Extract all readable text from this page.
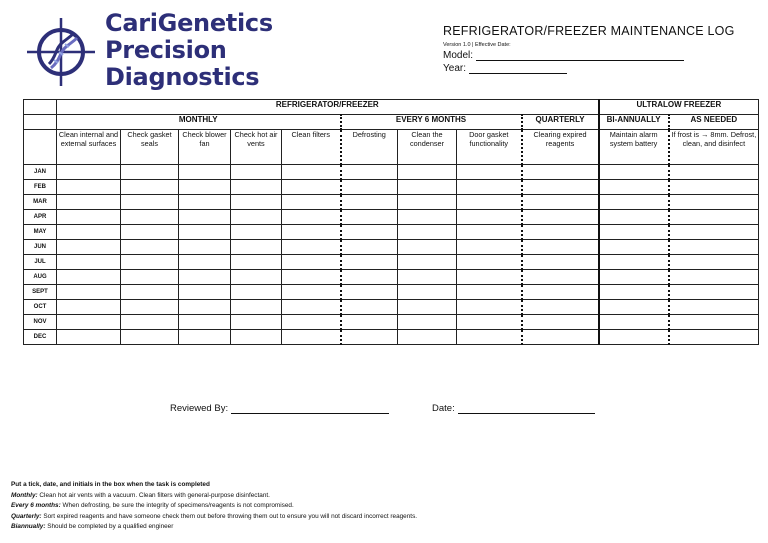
CariGenetics
Precision
Diagnostics
REFRIGERATOR/FREEZER MAINTENANCE LOG
Version 1.0 | Effective Date:
Model:
Year:
	REFRIGERATOR/FREEZER									ULTRALOW FREEZER	
	MONTHLY					EVERY 6 MONTHS			QUARTERLY	BI-ANNUALLY	AS NEEDED
	Clean internal and external surfaces	Check gasket seals	Check blower fan	Check hot air vents	Clean filters	Defrosting	Clean the condenser	Door gasket functionality	Clearing expired reagents	Maintain alarm system battery	If frost is → 8mm. Defrost, clean, and disinfect
JAN											
FEB											
MAR											
APR											
MAY											
JUN											
JUL											
AUG											
SEPT											
OCT											
NOV											
DEC											
Reviewed By:	Date:
Put a tick, date, and initials in the box when the task is completed
Monthly: Clean hot air vents with a vacuum. Clean filters with general-purpose disinfectant.
Every 6 months: When defrosting, be sure the integrity of specimens/reagents is not compromised.
Quarterly: Sort expired reagents and have someone check them out before throwing them out to ensure you will not discard incorrect reagents.
Biannually: Should be completed by a qualified engineer
